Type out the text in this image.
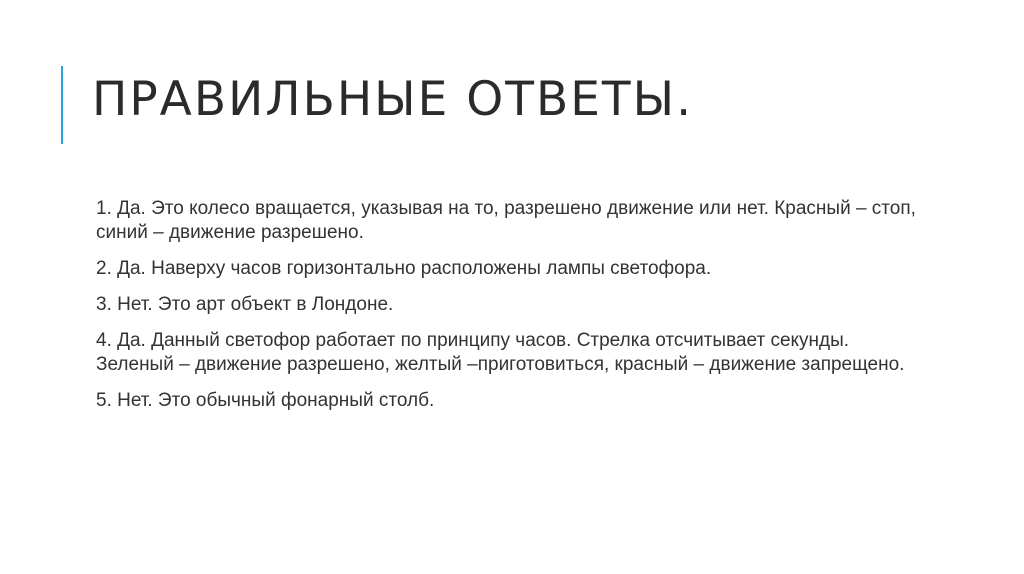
ПРАВИЛЬНЫЕ ОТВЕТЫ.
1. Да. Это колесо вращается, указывая на то, разрешено движение или нет. Красный – стоп, синий – движение разрешено.
2. Да. Наверху часов горизонтально расположены лампы светофора.
3. Нет. Это арт объект в Лондоне.
4. Да. Данный светофор работает по принципу часов. Стрелка отсчитывает секунды. Зеленый – движение разрешено, желтый –приготовиться, красный – движение запрещено.
5. Нет. Это обычный фонарный столб.
